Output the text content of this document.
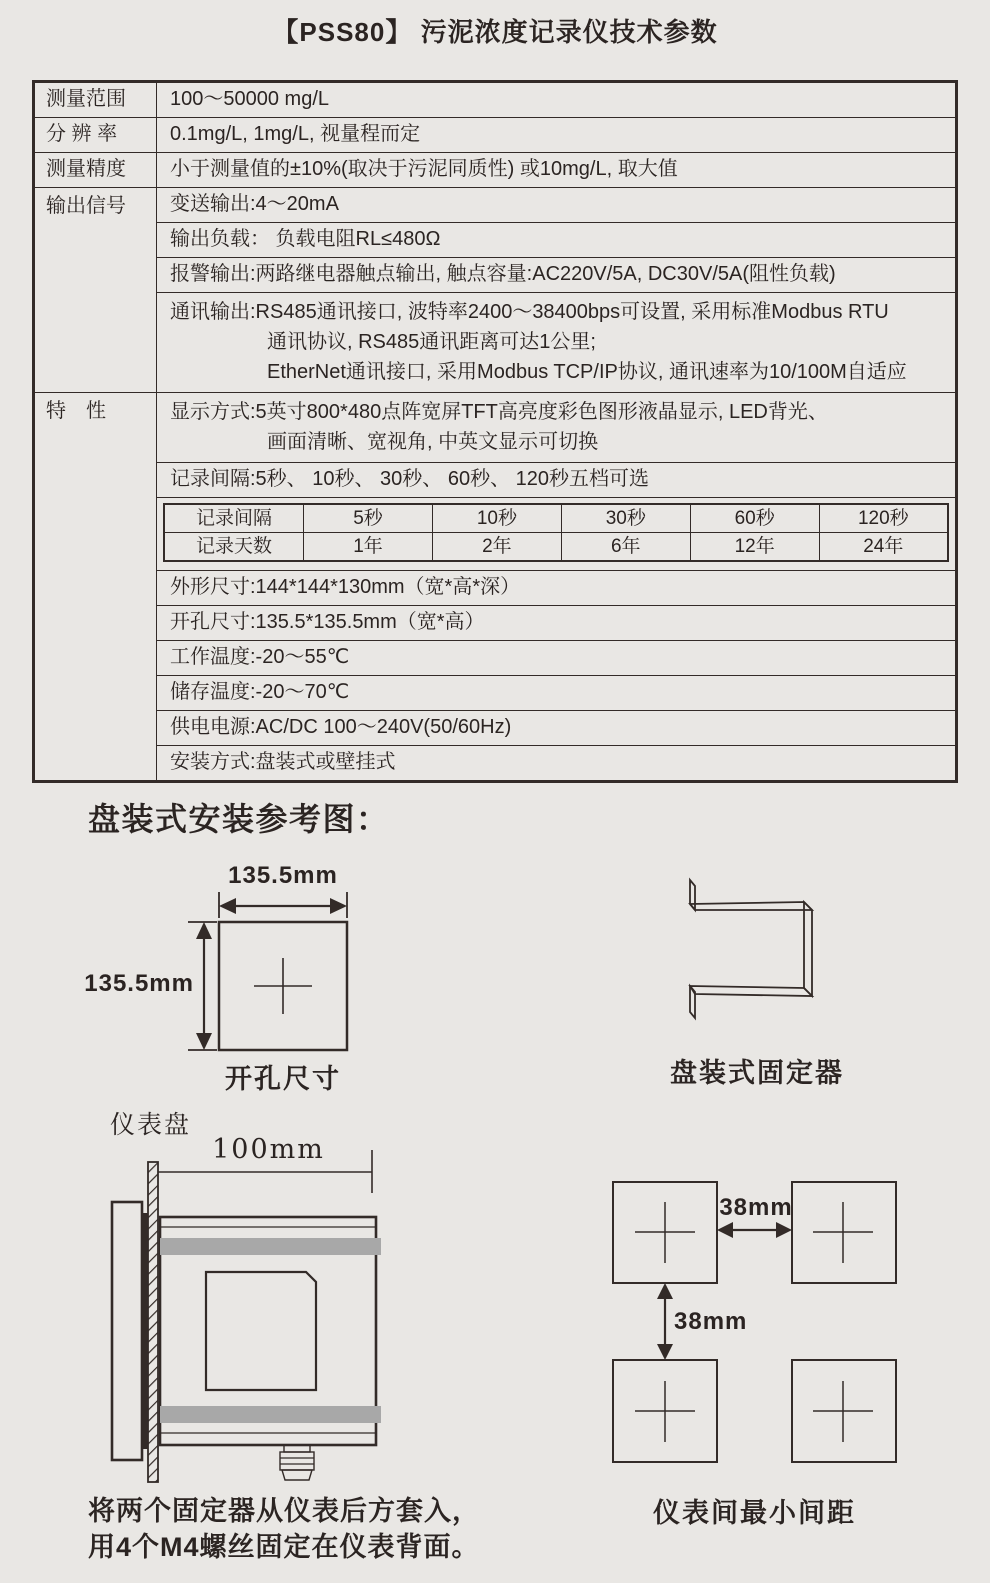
【PSS80】 污泥浓度记录仪技术参数
测量范围	100～50000 mg/L
分 辨 率	0.1mg/L, 1mg/L, 视量程而定
测量精度	小于测量值的±10%(取决于污泥同质性) 或10mg/L, 取大值
输出信号	变送输出:4～20mA
输出负载： 负载电阻RL≤480Ω
报警输出:两路继电器触点输出, 触点容量:AC220V/5A, DC30V/5A(阻性负载)

通讯输出:RS485通讯接口, 波特率2400～38400bps可设置, 采用标准Modbus RTU
通讯协议, RS485通讯距离可达1公里;
EtherNet通讯接口, 采用Modbus TCP/IP协议, 通讯速率为10/100M自适应

特　性	显示方式:5英寸800*480点阵宽屏TFT高亮度彩色图形液晶显示, LED背光、
画面清晰、宽视角, 中英文显示可切换

记录间隔:5秒、 10秒、 30秒、 60秒、 120秒五档可选

记录间隔	5秒	10秒	30秒	60秒	120秒
记录天数	1年	2年	6年	12年	24年

外形尺寸:144*144*130mm（宽*高*深）
开孔尺寸:135.5*135.5mm（宽*高）
工作温度:-20～55℃
储存温度:-20～70℃
供电电源:AC/DC 100～240V(50/60Hz)
安装方式:盘装式或壁挂式
盘装式安装参考图：
135.5mm
135.5mm
开孔尺寸	盘装式固定器
仪表盘
100mm
38mm
38mm
仪表间最小间距
将两个固定器从仪表后方套入，
用4个M4螺丝固定在仪表背面。
